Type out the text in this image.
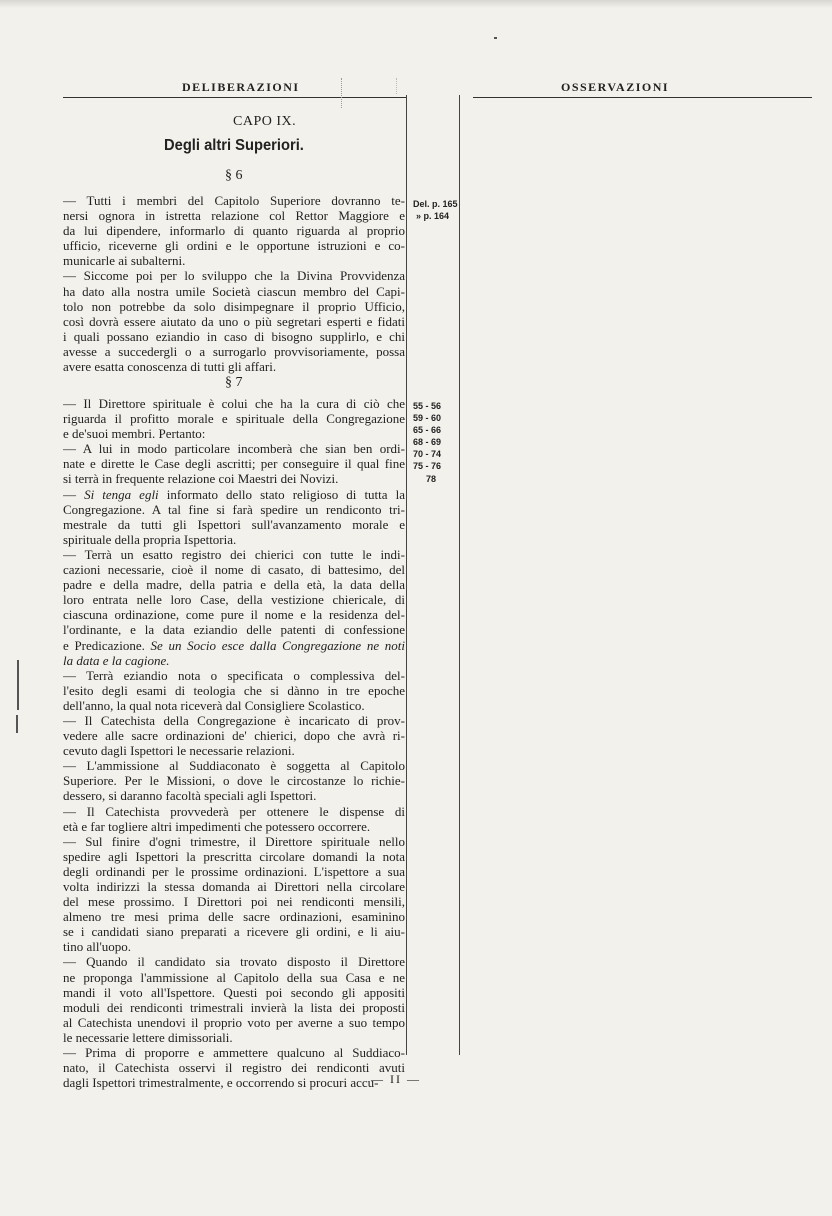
DELIBERAZIONI	OSSERVAZIONI
CAPO IX.
Degli altri Superiori.
§ 6
— Tutti i membri del Capitolo Superiore dovranno te-
nersi ognora in istretta relazione col Rettor Maggiore e
da lui dipendere, informarlo di quanto riguarda al proprio
ufficio, riceverne gli ordini e le opportune istruzioni e co-
municarle ai subalterni.
— Siccome poi per lo sviluppo che la Divina Provvidenza
ha dato alla nostra umile Società ciascun membro del Capi-
tolo non potrebbe da solo disimpegnare il proprio Ufficio,
così dovrà essere aiutato da uno o più segretari esperti e fidati
i quali possano eziandio in caso di bisogno supplirlo, e chi
avesse a succedergli o a surrogarlo provvisoriamente, possa
avere esatta conoscenza di tutti gli affari.
Del. p. 165
» p. 164
§ 7
— Il Direttore spirituale è colui che ha la cura di ciò che
riguarda il profitto morale e spirituale della Congregazione
e de'suoi membri. Pertanto:
— A lui in modo particolare incomberà che sian ben ordi-
nate e dirette le Case degli ascritti; per conseguire il qual fine
si terrà in frequente relazione coi Maestri dei Novizi.
— Si tenga egli informato dello stato religioso di tutta la
Congregazione. A tal fine si farà spedire un rendiconto tri-
mestrale da tutti gli Ispettori sull'avanzamento morale e
spirituale della propria Ispettoria.
— Terrà un esatto registro dei chierici con tutte le indi-
cazioni necessarie, cioè il nome di casato, di battesimo, del
padre e della madre, della patria e della età, la data della
loro entrata nelle loro Case, della vestizione chiericale, di
ciascuna ordinazione, come pure il nome e la residenza del-
l'ordinante, e la data eziandio delle patenti di confessione
e Predicazione. Se un Socio esce dalla Congregazione ne noti
la data e la cagione.
— Terrà eziandio nota o specificata o complessiva del-
l'esito degli esami di teologia che si dànno in tre epoche
dell'anno, la qual nota riceverà dal Consigliere Scolastico.
— Il Catechista della Congregazione è incaricato di prov-
vedere alle sacre ordinazioni de' chierici, dopo che avrà ri-
cevuto dagli Ispettori le necessarie relazioni.
— L'ammissione al Suddiaconato è soggetta al Capitolo
Superiore. Per le Missioni, o dove le circostanze lo richie-
dessero, si daranno facoltà speciali agli Ispettori.
— Il Catechista provvederà per ottenere le dispense di
età e far togliere altri impedimenti che potessero occorrere.
— Sul finire d'ogni trimestre, il Direttore spirituale nello
spedire agli Ispettori la prescritta circolare domandi la nota
degli ordinandi per le prossime ordinazioni. L'ispettore a sua
volta indirizzi la stessa domanda ai Direttori nella circolare
del mese prossimo. I Direttori poi nei rendiconti mensili,
almeno tre mesi prima delle sacre ordinazioni, esaminino
se i candidati siano preparati a ricevere gli ordini, e li aiu-
tino all'uopo.
— Quando il candidato sia trovato disposto il Direttore
ne proponga l'ammissione al Capitolo della sua Casa e ne
mandi il voto all'Ispettore. Questi poi secondo gli appositi
moduli dei rendiconti trimestrali invierà la lista dei proposti
al Catechista unendovi il proprio voto per averne a suo tempo
le necessarie lettere dimissoriali.
— Prima di proporre e ammettere qualcuno al Suddiaco-
nato, il Catechista osservi il registro dei rendiconti avuti
dagli Ispettori trimestralmente, e occorrendo si procuri accu-
55 - 56
59 - 60
65 - 66
68 - 69
70 - 74
75 - 76
78
— II —
